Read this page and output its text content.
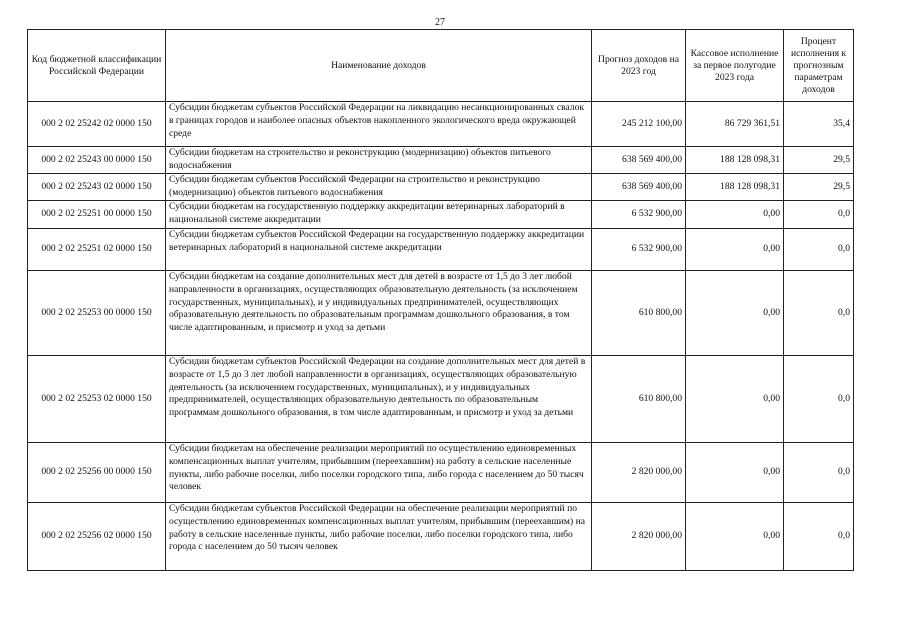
27
Код бюджетной классификации Российской Федерации	Наименование доходов	Прогноз доходов на 2023 год	Кассовое исполнение за первое полугодие 2023 года	Процент исполнения к прогнозным параметрам доходов
000 2 02 25242 02 0000 150	Субсидии бюджетам субъектов Российской Федерации на ликвидацию несанкционированных свалок в границах городов и наиболее опасных объектов накопленного экологического вреда окружающей среде	245 212 100,00	86 729 361,51	35,4
000 2 02 25243 00 0000 150	Субсидии бюджетам на строительство и реконструкцию (модернизацию) объектов питьевого водоснабжения	638 569 400,00	188 128 098,31	29,5
000 2 02 25243 02 0000 150	Субсидии бюджетам субъектов Российской Федерации на строительство и реконструкцию (модернизацию) объектов питьевого водоснабжения	638 569 400,00	188 128 098,31	29,5
000 2 02 25251 00 0000 150	Субсидии бюджетам на государственную поддержку аккредитации ветеринарных лабораторий в национальной системе аккредитации	6 532 900,00	0,00	0,0
000 2 02 25251 02 0000 150	Субсидии бюджетам субъектов Российской Федерации на государственную поддержку аккредитации ветеринарных лабораторий в национальной системе аккредитации	6 532 900,00	0,00	0,0
000 2 02 25253 00 0000 150	Субсидии бюджетам на создание дополнительных мест для детей в возрасте от 1,5 до 3 лет любой направленности в организациях, осуществляющих образовательную деятельность (за исключением государственных, муниципальных), и у индивидуальных предпринимателей, осуществляющих образовательную деятельность по образовательным программам дошкольного образования, в том числе адаптированным, и присмотр и уход за детьми	610 800,00	0,00	0,0
000 2 02 25253 02 0000 150	Субсидии бюджетам субъектов Российской Федерации на создание дополнительных мест для детей в возрасте от 1,5 до 3 лет любой направленности в организациях, осуществляющих образовательную деятельность (за исключением государственных, муниципальных), и у индивидуальных предпринимателей, осуществляющих образовательную деятельность по образовательным программам дошкольного образования, в том числе адаптированным, и присмотр и уход за детьми	610 800,00	0,00	0,0
000 2 02 25256 00 0000 150	Субсидии бюджетам на обеспечение реализации мероприятий по осуществлению единовременных компенсационных выплат учителям, прибывшим (переехавшим) на работу в сельские населенные пункты, либо рабочие поселки, либо поселки городского типа, либо города с населением до 50 тысяч человек	2 820 000,00	0,00	0,0
000 2 02 25256 02 0000 150	Субсидии бюджетам субъектов Российской Федерации на обеспечение реализации мероприятий по осуществлению единовременных компенсационных выплат учителям, прибывшим (переехавшим) на работу в сельские населенные пункты, либо рабочие поселки, либо поселки городского типа, либо города с населением до 50 тысяч человек	2 820 000,00	0,00	0,0
